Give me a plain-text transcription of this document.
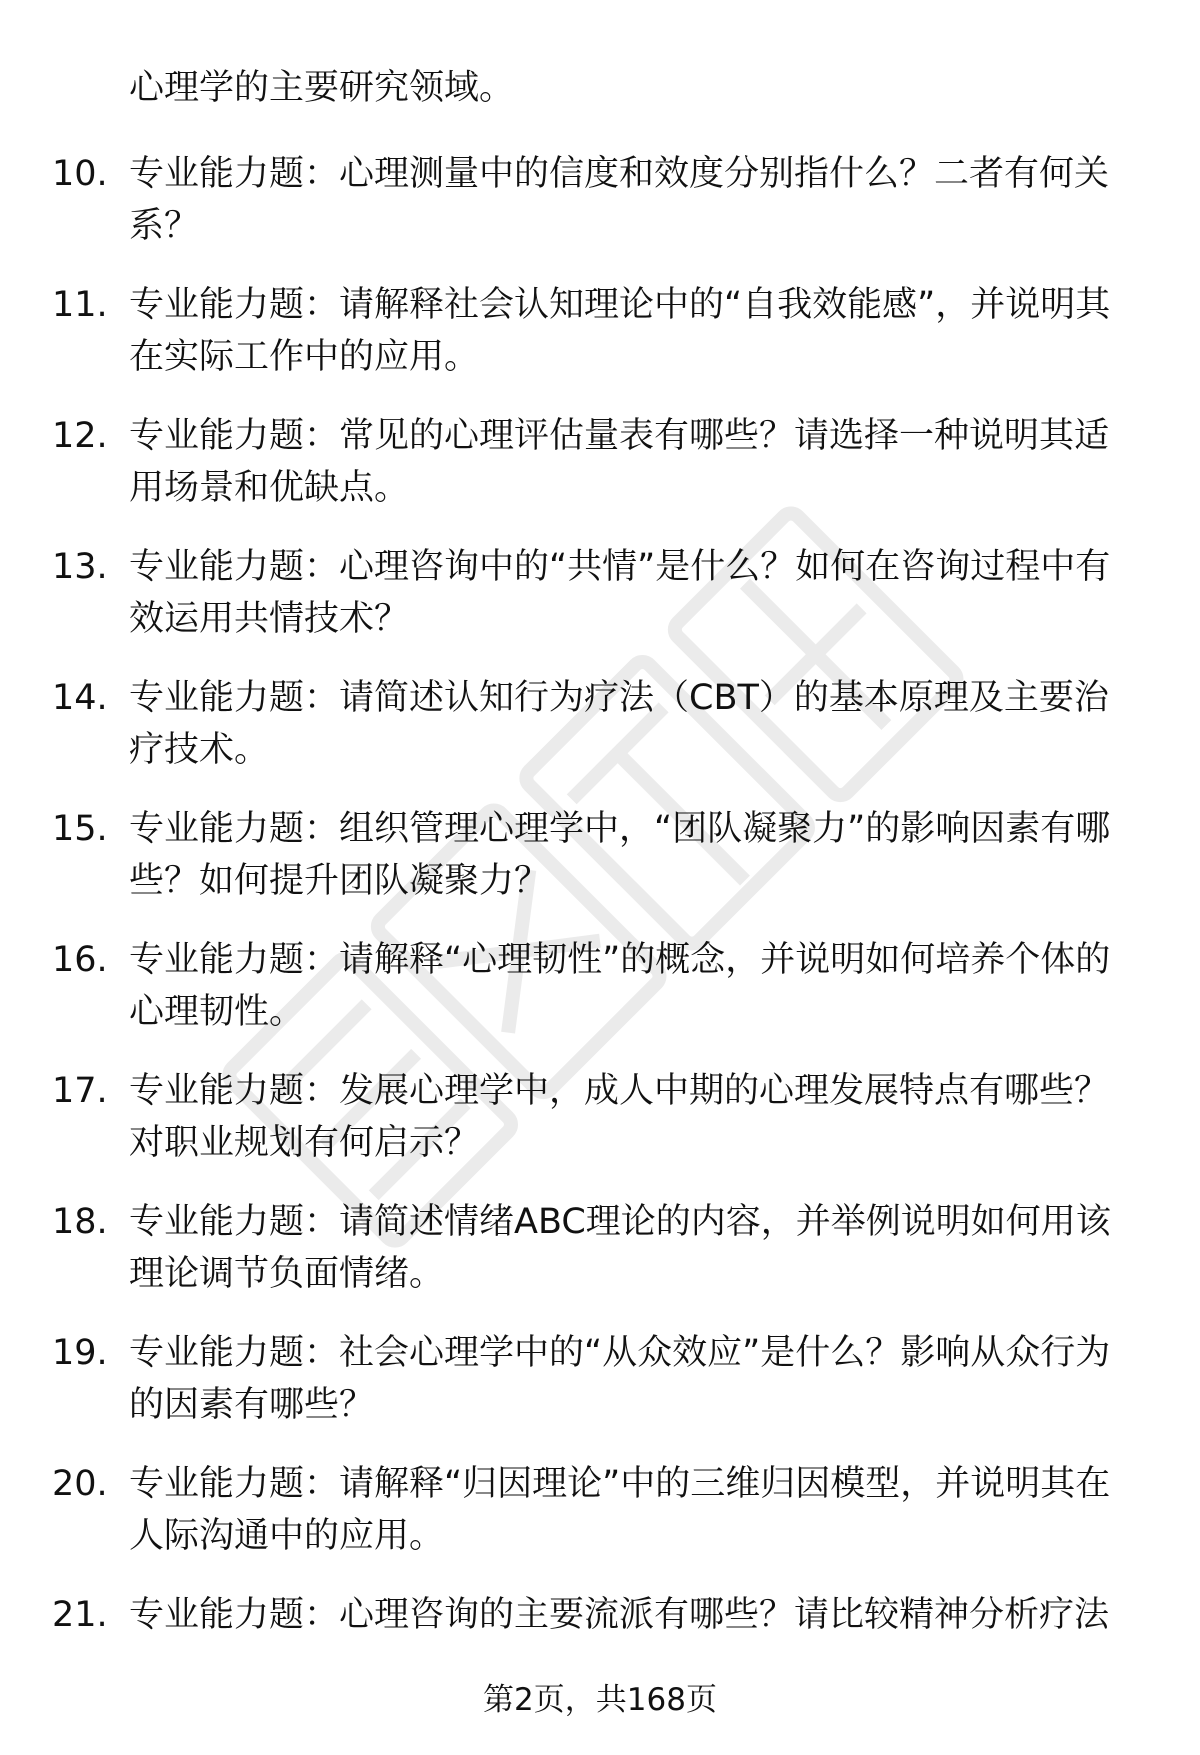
心理学的主要研究领域。
10. 专业能力题：心理测量中的信度和效度分别指什么？二者有何关系？
11. 专业能力题：请解释社会认知理论中的“自我效能感”，并说明其在实际工作中的应用。
12. 专业能力题：常见的心理评估量表有哪些？请选择一种说明其适用场景和优缺点。
13. 专业能力题：心理咨询中的“共情”是什么？如何在咨询过程中有效运用共情技术？
14. 专业能力题：请简述认知行为疗法（CBT）的基本原理及主要治疗技术。
15. 专业能力题：组织管理心理学中，“团队凝聚力”的影响因素有哪些？如何提升团队凝聚力？
16. 专业能力题：请解释“心理韧性”的概念，并说明如何培养个体的心理韧性。
17. 专业能力题：发展心理学中，成人中期的心理发展特点有哪些？对职业规划有何启示？
18. 专业能力题：请简述情绪ABC理论的内容，并举例说明如何用该理论调节负面情绪。
19. 专业能力题：社会心理学中的“从众效应”是什么？影响从众行为的因素有哪些？
20. 专业能力题：请解释“归因理论”中的三维归因模型，并说明其在人际沟通中的应用。
21. 专业能力题：心理咨询的主要流派有哪些？请比较精神分析疗法
第2页，共168页
